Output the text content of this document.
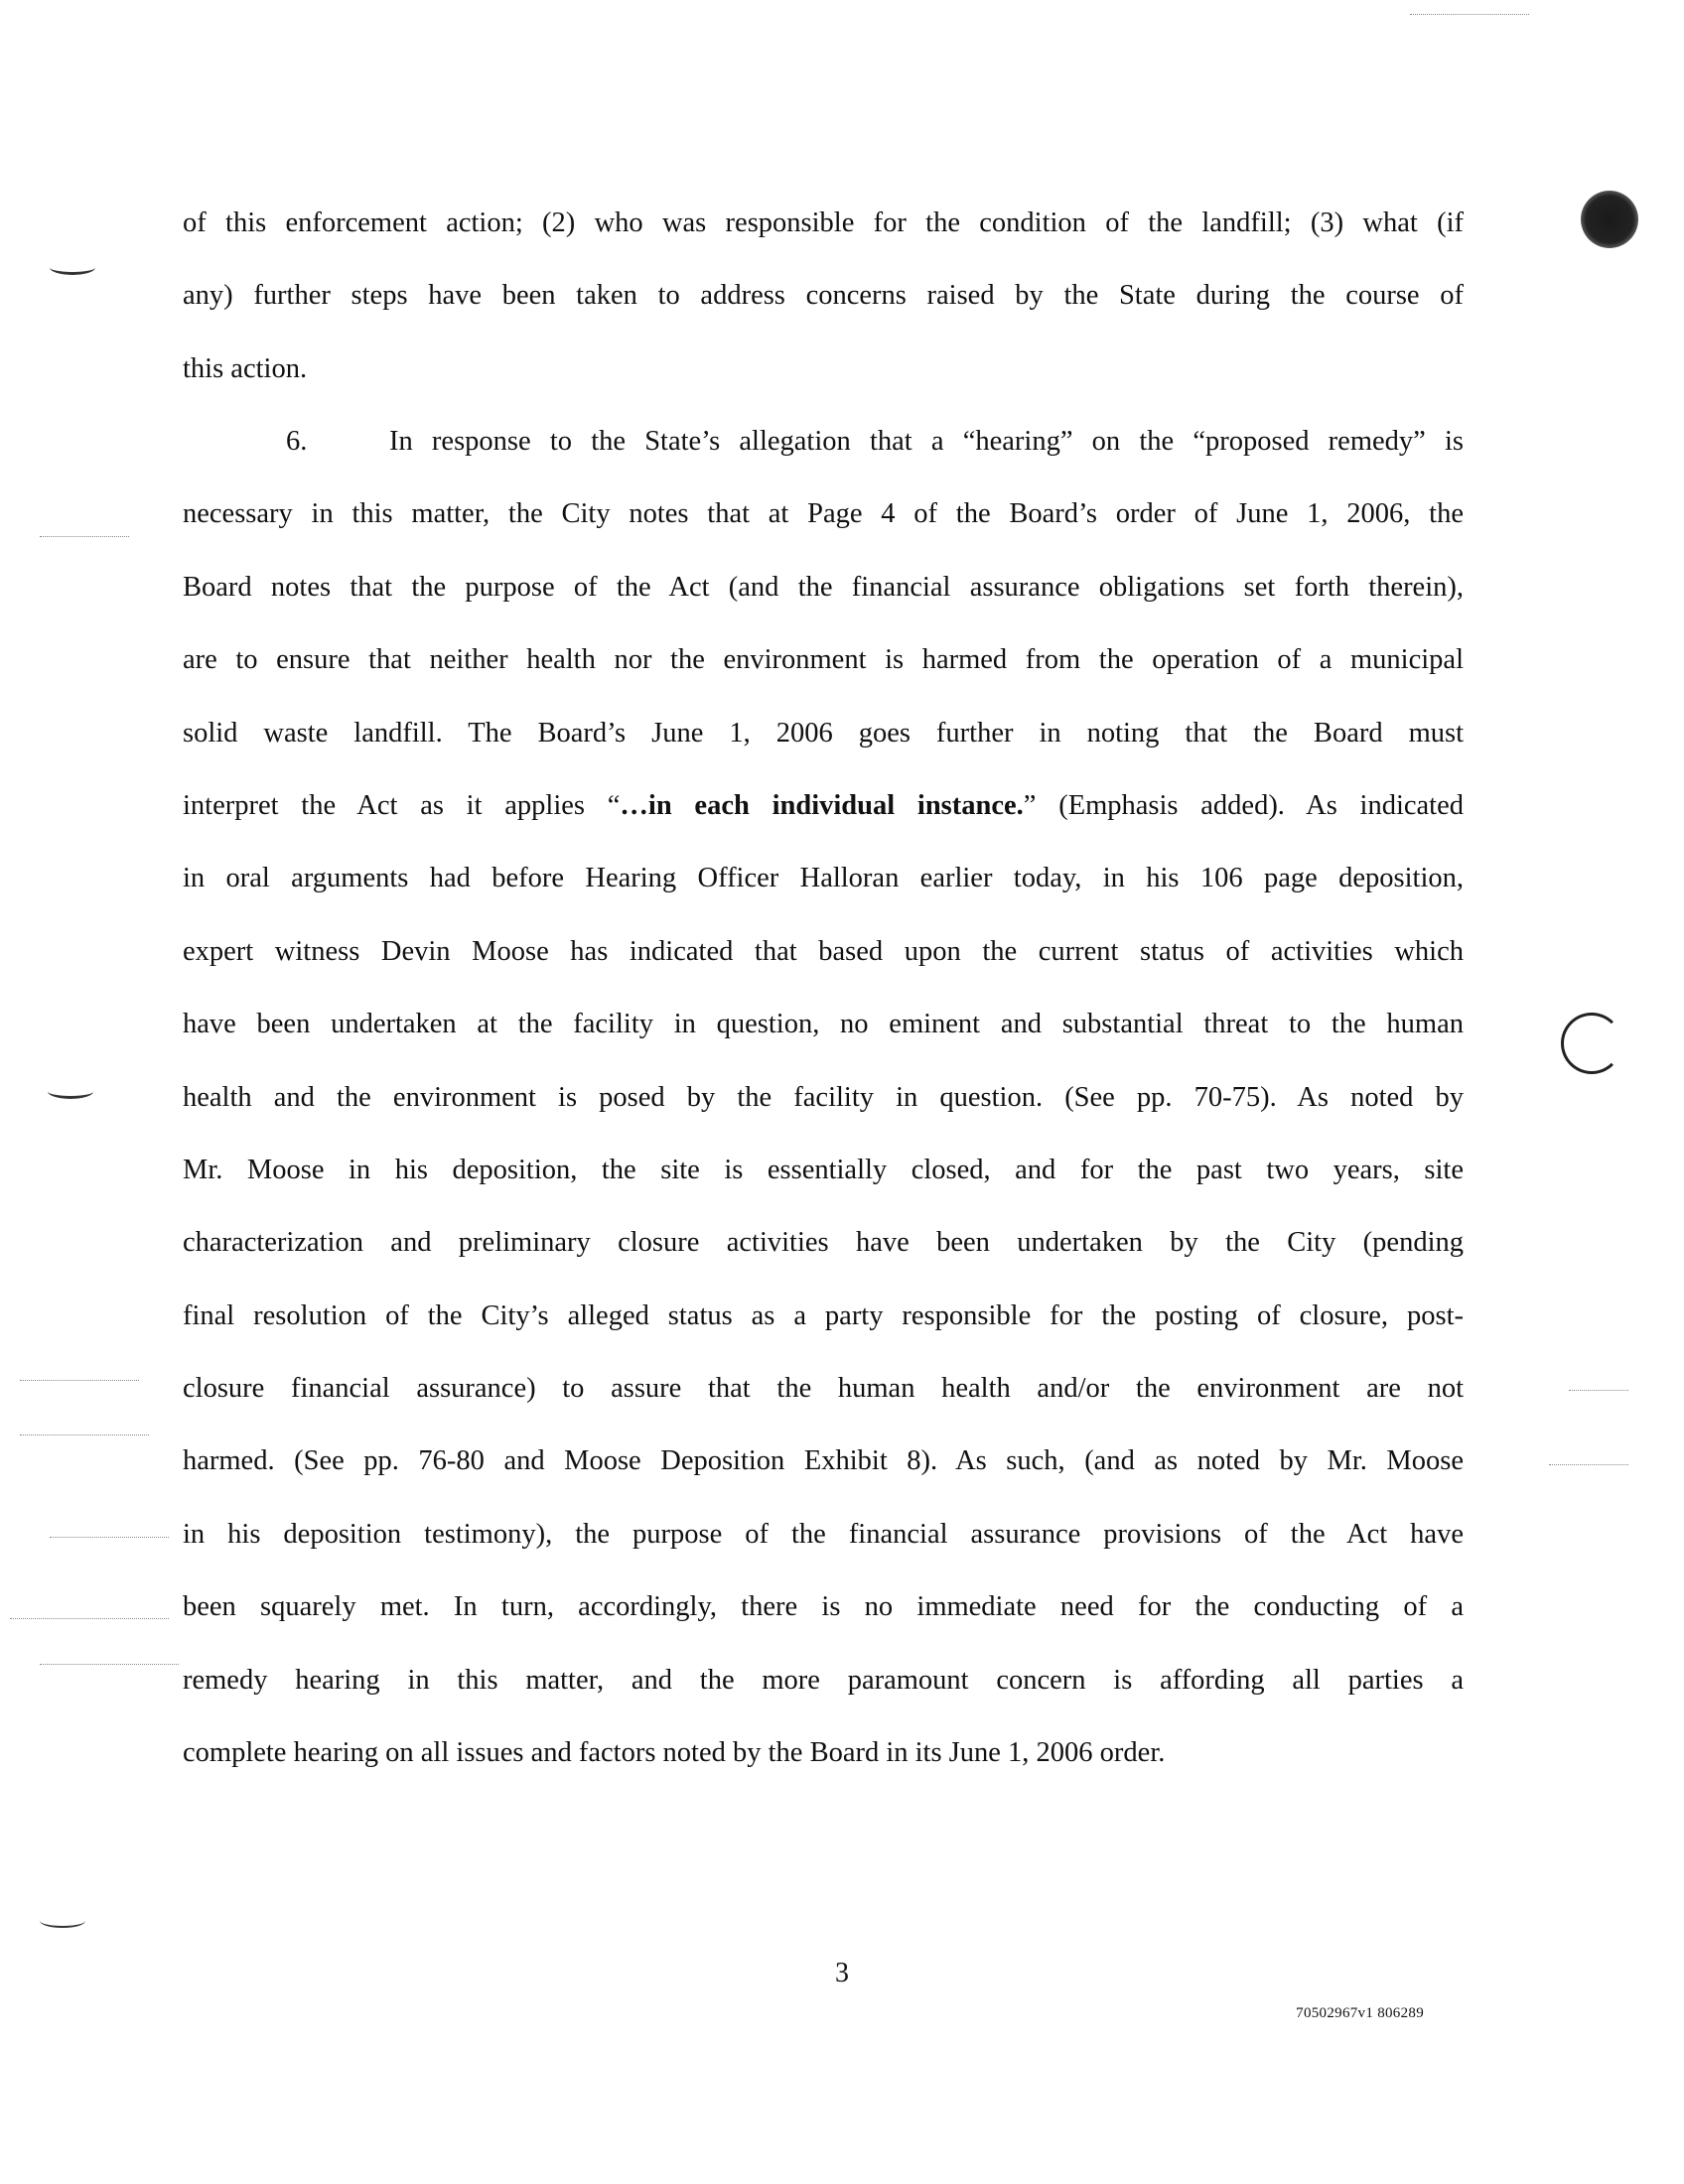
of this enforcement action; (2) who was responsible for the condition of the landfill; (3) what (if
any) further steps have been taken to address concerns raised by the State during the course of
this action.
6.	In response to the State’s allegation that a “hearing” on the “proposed remedy” is
necessary in this matter, the City notes that at Page 4 of the Board’s order of June 1, 2006, the
Board notes that the purpose of the Act (and the financial assurance obligations set forth therein),
are to ensure that neither health nor the environment is harmed from the operation of a municipal
solid waste landfill. The Board’s June 1, 2006 goes further in noting that the Board must
interpret the Act as it applies “…in each individual instance.” (Emphasis added). As indicated
in oral arguments had before Hearing Officer Halloran earlier today, in his 106 page deposition,
expert witness Devin Moose has indicated that based upon the current status of activities which
have been undertaken at the facility in question, no eminent and substantial threat to the human
health and the environment is posed by the facility in question. (See pp. 70-75). As noted by
Mr. Moose in his deposition, the site is essentially closed, and for the past two years, site
characterization and preliminary closure activities have been undertaken by the City (pending
final resolution of the City’s alleged status as a party responsible for the posting of closure, post-
closure financial assurance) to assure that the human health and/or the environment are not
harmed. (See pp. 76-80 and Moose Deposition Exhibit 8). As such, (and as noted by Mr. Moose
in his deposition testimony), the purpose of the financial assurance provisions of the Act have
been squarely met. In turn, accordingly, there is no immediate need for the conducting of a
remedy hearing in this matter, and the more paramount concern is affording all parties a
complete hearing on all issues and factors noted by the Board in its June 1, 2006 order.
3
70502967v1 806289
